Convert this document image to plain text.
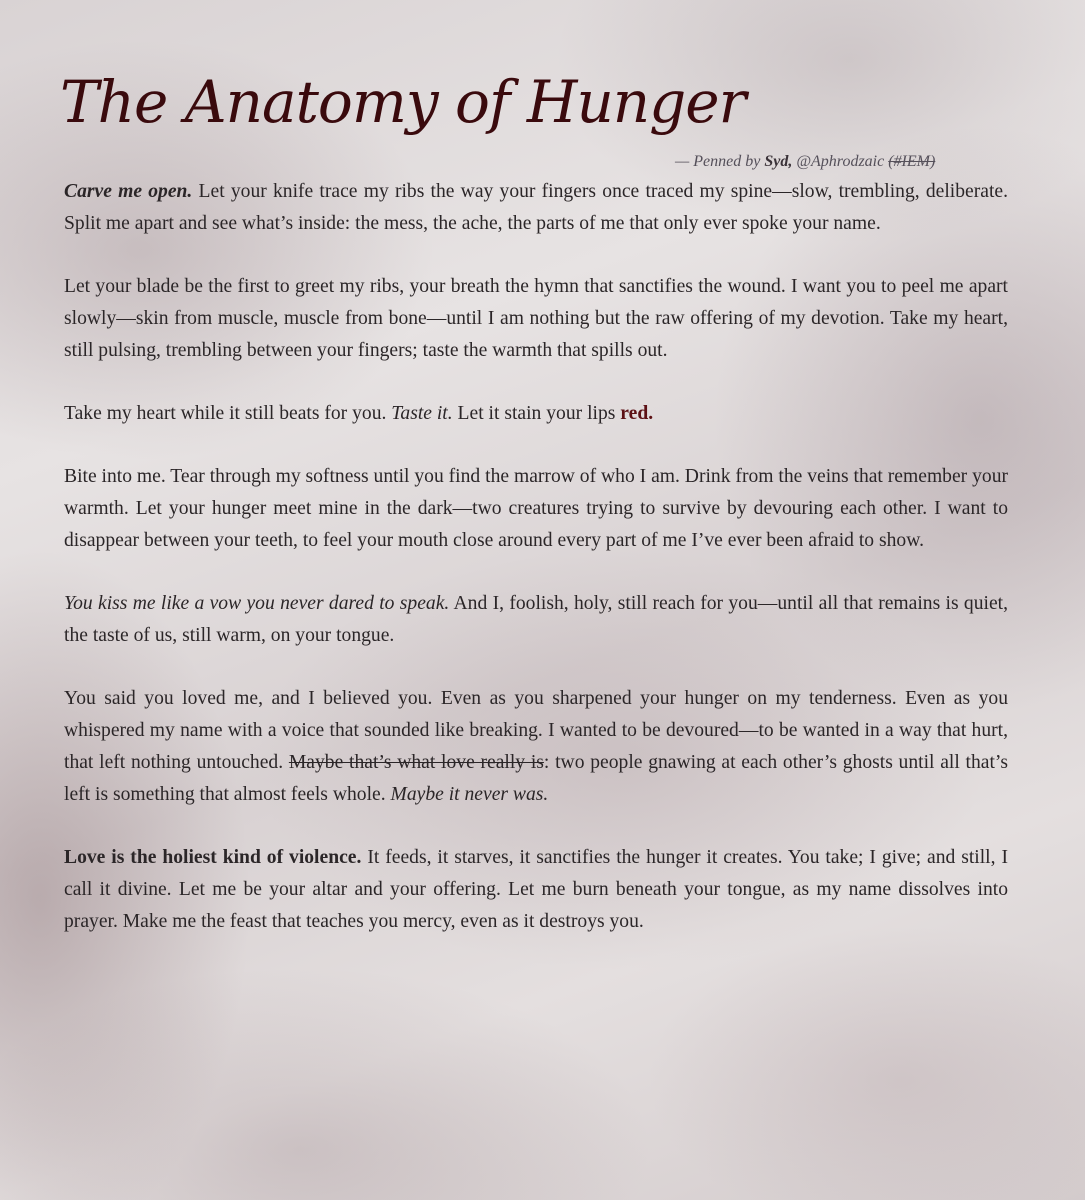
The Anatomy of Hunger
— Penned by Syd, @Aphrodzaic (#IEM)

Carve me open. Let your knife trace my ribs the way your fingers once traced my spine—slow, trembling, deliberate. Split me apart and see what’s inside: the mess, the ache, the parts of me that only ever spoke your name.

Let your blade be the first to greet my ribs, your breath the hymn that sanctifies the wound. I want you to peel me apart slowly—skin from muscle, muscle from bone—until I am nothing but the raw offering of my devotion. Take my heart, still pulsing, trembling between your fingers; taste the warmth that spills out.

Take my heart while it still beats for you. Taste it. Let it stain your lips red.

Bite into me. Tear through my softness until you find the marrow of who I am. Drink from the veins that remember your warmth. Let your hunger meet mine in the dark—two creatures trying to survive by devouring each other. I want to disappear between your teeth, to feel your mouth close around every part of me I’ve ever been afraid to show.

You kiss me like a vow you never dared to speak. And I, foolish, holy, still reach for you—until all that remains is quiet, the taste of us, still warm, on your tongue.

You said you loved me, and I believed you. Even as you sharpened your hunger on my tenderness. Even as you whispered my name with a voice that sounded like breaking. I wanted to be devoured—to be wanted in a way that hurt, that left nothing untouched. Maybe that’s what love really is: two people gnawing at each other’s ghosts until all that’s left is something that almost feels whole. Maybe it never was.

Love is the holiest kind of violence. It feeds, it starves, it sanctifies the hunger it creates. You take; I give; and still, I call it divine. Let me be your altar and your offering. Let me burn beneath your tongue, as my name dissolves into prayer. Make me the feast that teaches you mercy, even as it destroys you.
